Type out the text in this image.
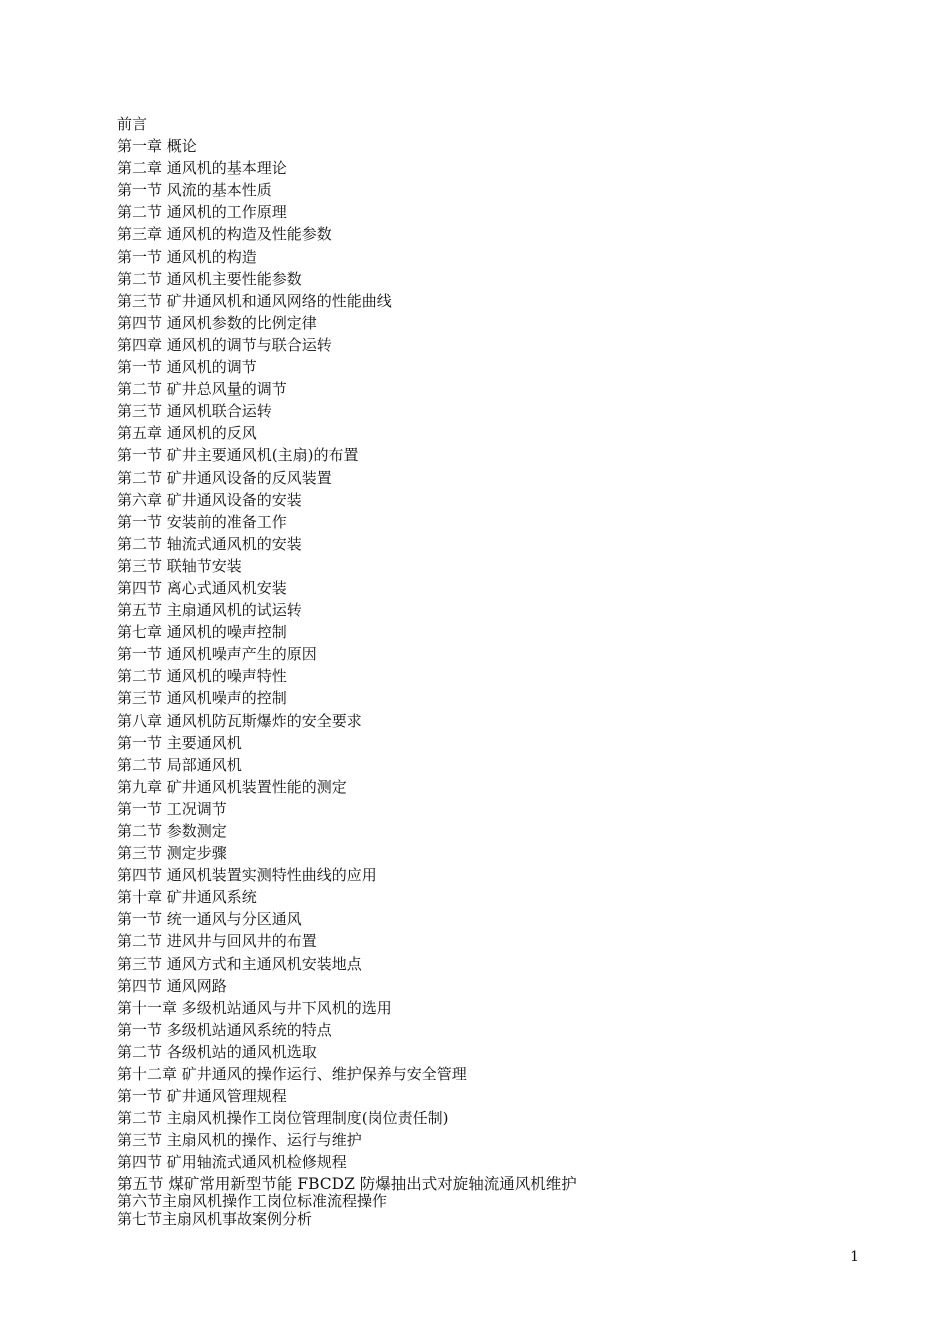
前言
第一章 概论
第二章 通风机的基本理论
第一节 风流的基本性质
第二节 通风机的工作原理
第三章 通风机的构造及性能参数
第一节 通风机的构造
第二节 通风机主要性能参数
第三节 矿井通风机和通风网络的性能曲线
第四节 通风机参数的比例定律
第四章 通风机的调节与联合运转
第一节 通风机的调节
第二节 矿井总风量的调节
第三节 通风机联合运转
第五章 通风机的反风
第一节 矿井主要通风机(主扇)的布置
第二节 矿井通风设备的反风装置
第六章 矿井通风设备的安装
第一节 安装前的准备工作
第二节 轴流式通风机的安装
第三节 联轴节安装
第四节 离心式通风机安装
第五节 主扇通风机的试运转
第七章 通风机的噪声控制
第一节 通风机噪声产生的原因
第二节 通风机的噪声特性
第三节 通风机噪声的控制
第八章 通风机防瓦斯爆炸的安全要求
第一节 主要通风机
第二节 局部通风机
第九章 矿井通风机装置性能的测定
第一节 工况调节
第二节 参数测定
第三节 测定步骤
第四节 通风机装置实测特性曲线的应用
第十章 矿井通风系统
第一节 统一通风与分区通风
第二节 进风井与回风井的布置
第三节 通风方式和主通风机安装地点
第四节 通风网路
第十一章 多级机站通风与井下风机的选用
第一节 多级机站通风系统的特点
第二节 各级机站的通风机选取
第十二章 矿井通风的操作运行、维护保养与安全管理
第一节 矿井通风管理规程
第二节 主扇风机操作工岗位管理制度(岗位责任制)
第三节 主扇风机的操作、运行与维护
第四节 矿用轴流式通风机检修规程
第五节 煤矿常用新型节能 FBCDZ 防爆抽出式对旋轴流通风机维护
第六节主扇风机操作工岗位标准流程操作
第七节主扇风机事故案例分析
1
